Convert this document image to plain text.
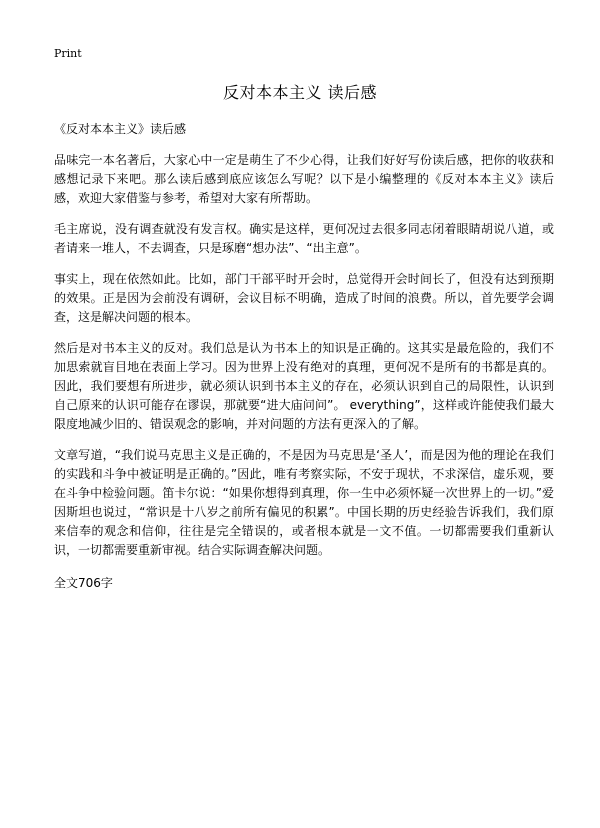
Print
反对本本主义 读后感

《反对本本主义》读后感

品味完一本名著后，大家心中一定是萌生了不少心得，让我们好好写份读后感，把你的收获和感想记录下来吧。那么读后感到底应该怎么写呢？以下是小编整理的《反对本本主义》读后感，欢迎大家借鉴与参考，希望对大家有所帮助。

毛主席说，没有调查就没有发言权。确实是这样，更何况过去很多同志闭着眼睛胡说八道，或者请来一堆人，不去调查，只是琢磨“想办法”、“出主意”。

事实上，现在依然如此。比如，部门干部平时开会时，总觉得开会时间长了，但没有达到预期的效果。正是因为会前没有调研，会议目标不明确，造成了时间的浪费。所以，首先要学会调查，这是解决问题的根本。

然后是对书本主义的反对。我们总是认为书本上的知识是正确的。这其实是最危险的，我们不加思索就盲目地在表面上学习。因为世界上没有绝对的真理，更何况不是所有的书都是真的。因此，我们要想有所进步，就必须认识到书本主义的存在，必须认识到自己的局限性，认识到自己原来的认识可能存在谬误，那就要“进大庙问问”。 everything”，这样或许能使我们最大限度地减少旧的、错误观念的影响，并对问题的方法有更深入的了解。

文章写道，“我们说马克思主义是正确的，不是因为马克思是‘圣人’，而是因为他的理论在我们的实践和斗争中被证明是正确的。”因此，唯有考察实际，不安于现状，不求深信，虚乐观，要在斗争中检验问题。笛卡尔说：“如果你想得到真理，你一生中必须怀疑一次世界上的一切。”爱因斯坦也说过，“常识是十八岁之前所有偏见的积累”。中国长期的历史经验告诉我们，我们原来信奉的观念和信仰，往往是完全错误的，或者根本就是一文不值。一切都需要我们重新认识，一切都需要重新审视。结合实际调查解决问题。

全文706字
